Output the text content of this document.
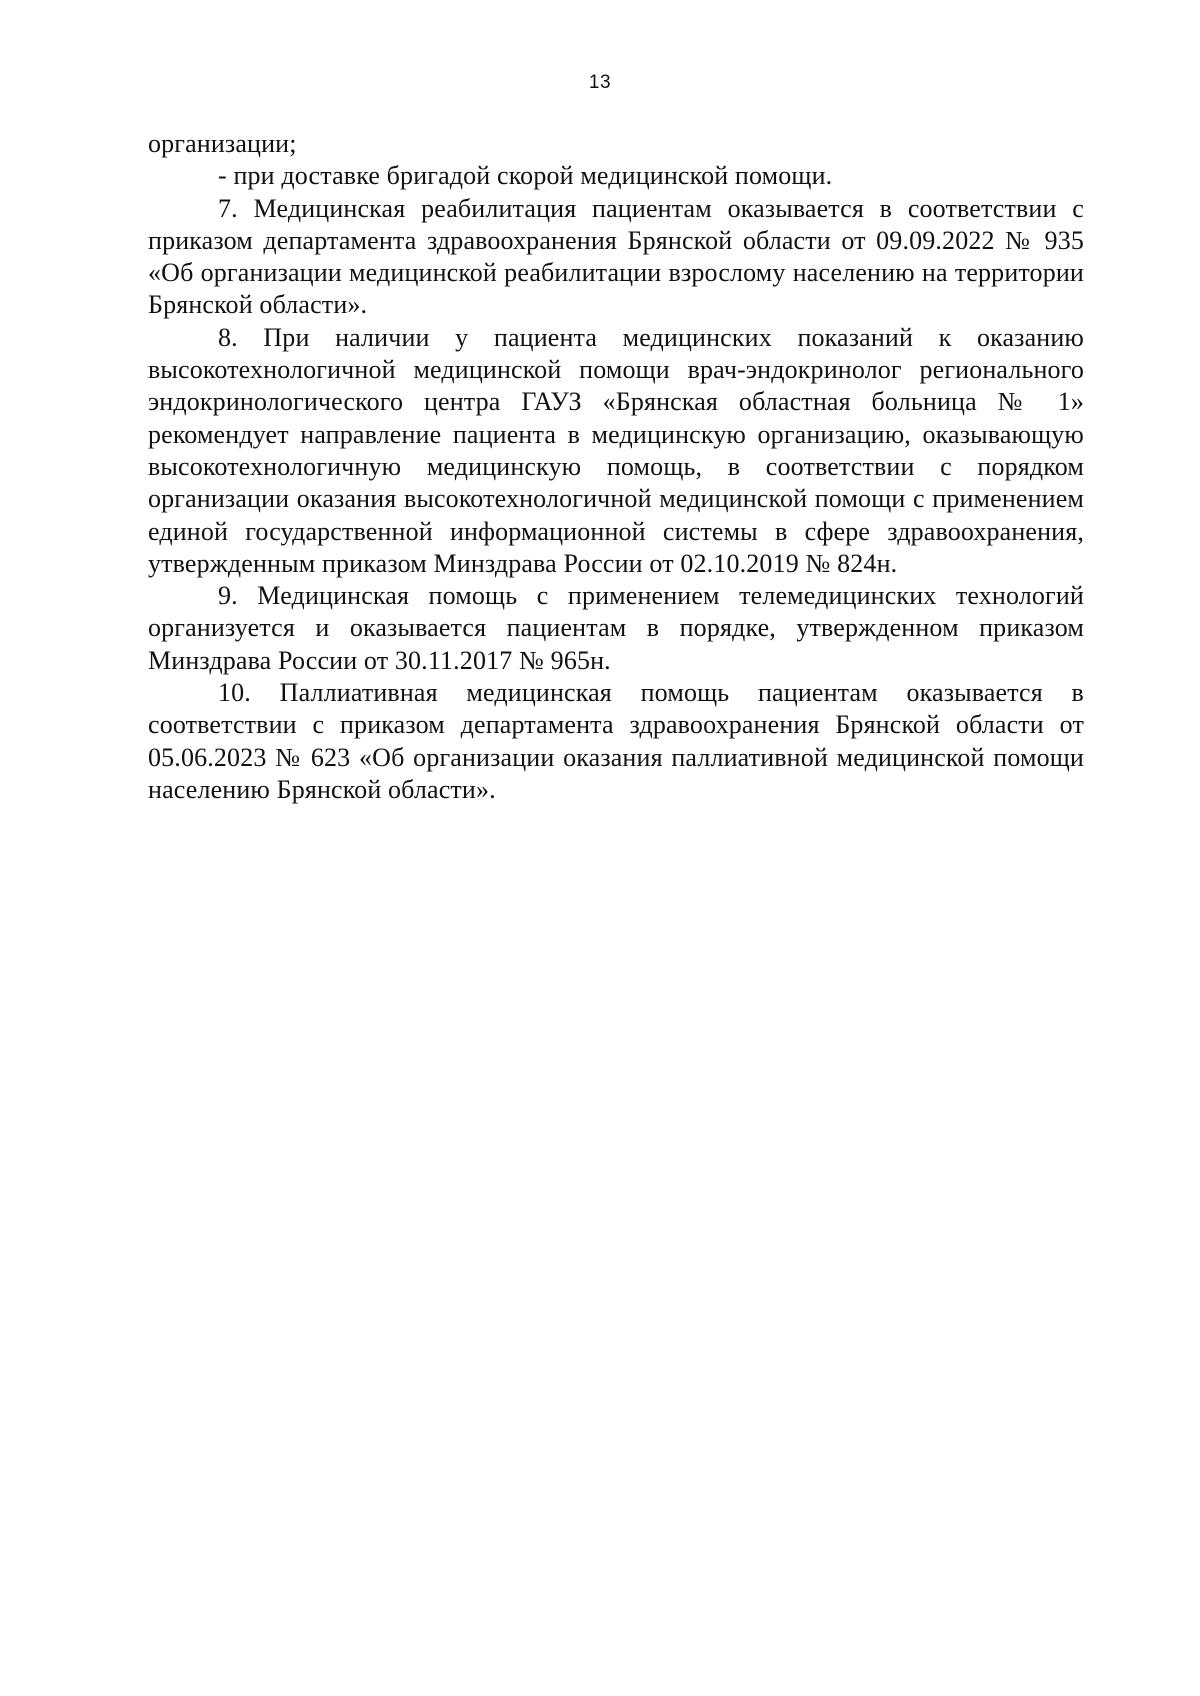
13

организации;

- при доставке бригадой скорой медицинской помощи.

7. Медицинская реабилитация пациентам оказывается в соответствии с приказом департамента здравоохранения Брянской области от 09.09.2022 № 935 «Об организации медицинской реабилитации взрослому населению на территории Брянской области».

8. При наличии у пациента медицинских показаний к оказанию высокотехнологичной медицинской помощи врач-эндокринолог регионального эндокринологического центра ГАУЗ «Брянская областная больница № 1» рекомендует направление пациента в медицинскую организацию, оказывающую высокотехнологичную медицинскую помощь, в соответствии с порядком организации оказания высокотехнологичной медицинской помощи с применением единой государственной информационной системы в сфере здравоохранения, утвержденным приказом Минздрава России от 02.10.2019 № 824н.

9. Медицинская помощь с применением телемедицинских технологий организуется и оказывается пациентам в порядке, утвержденном приказом Минздрава России от 30.11.2017 № 965н.

10. Паллиативная медицинская помощь пациентам оказывается в соответствии с приказом департамента здравоохранения Брянской области от 05.06.2023 № 623 «Об организации оказания паллиативной медицинской помощи населению Брянской области».
